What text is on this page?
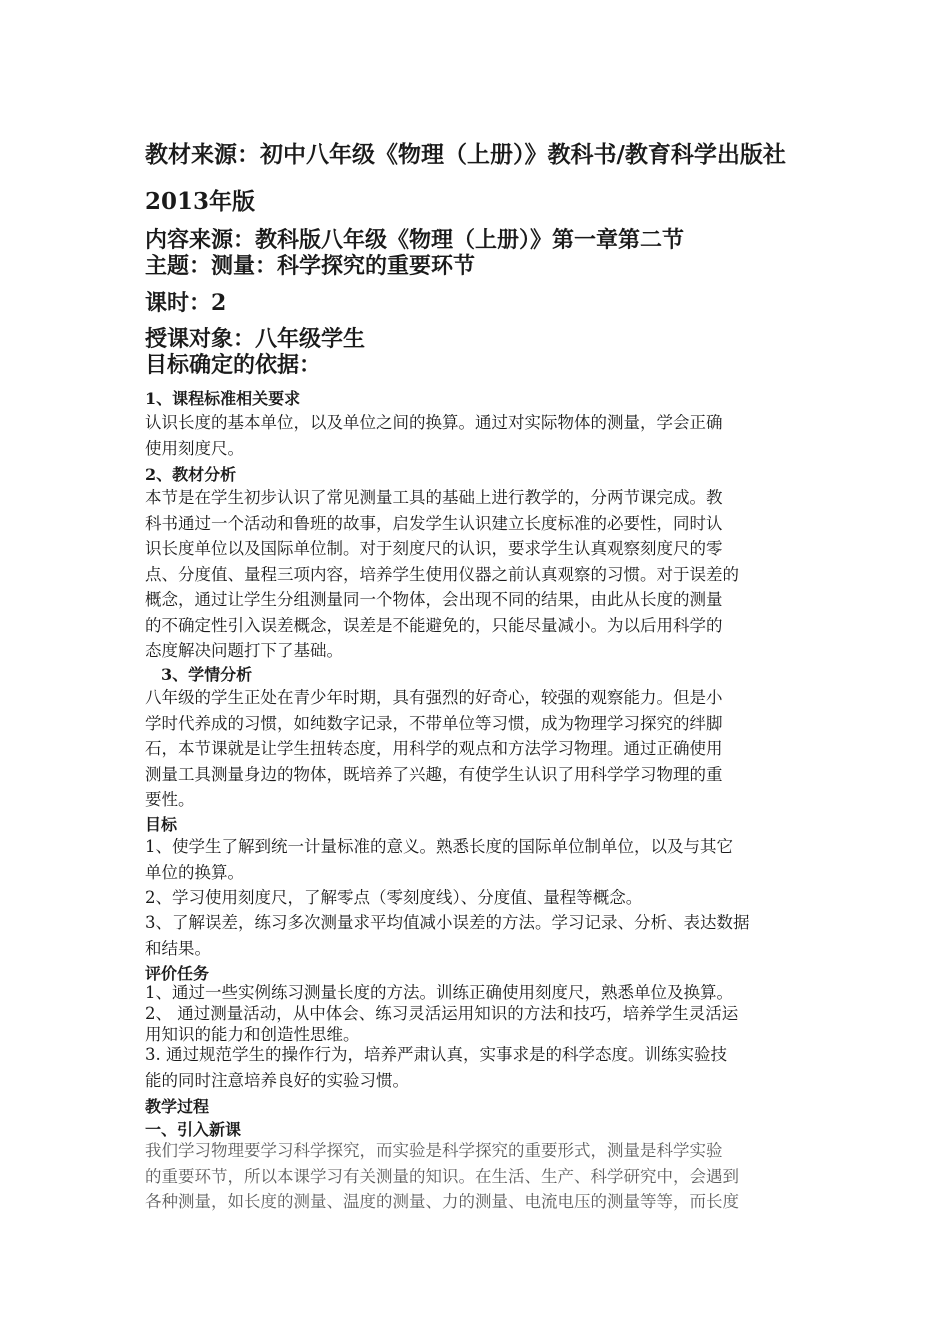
教材来源：初中八年级《物理（上册）》教科书/教育科学出版社
2013年版
内容来源：教科版八年级《物理（上册）》第一章第二节
主题：测量：科学探究的重要环节
课时：2
授课对象：八年级学生
目标确定的依据：
1、课程标准相关要求
认识长度的基本单位，以及单位之间的换算。通过对实际物体的测量，学会正确
使用刻度尺。
2、教材分析
本节是在学生初步认识了常见测量工具的基础上进行教学的，分两节课完成。教
科书通过一个活动和鲁班的故事，启发学生认识建立长度标准的必要性，同时认
识长度单位以及国际单位制。对于刻度尺的认识，要求学生认真观察刻度尺的零
点、分度值、量程三项内容，培养学生使用仪器之前认真观察的习惯。对于误差的
概念，通过让学生分组测量同一个物体，会出现不同的结果，由此从长度的测量
的不确定性引入误差概念，误差是不能避免的，只能尽量减小。为以后用科学的
态度解决问题打下了基础。
3、学情分析
八年级的学生正处在青少年时期，具有强烈的好奇心，较强的观察能力。但是小
学时代养成的习惯，如纯数字记录，不带单位等习惯，成为物理学习探究的绊脚
石，本节课就是让学生扭转态度，用科学的观点和方法学习物理。通过正确使用
测量工具测量身边的物体，既培养了兴趣，有使学生认识了用科学学习物理的重
要性。
目标
1、使学生了解到统一计量标准的意义。熟悉长度的国际单位制单位，以及与其它
单位的换算。
2、学习使用刻度尺，了解零点（零刻度线）、分度值、量程等概念。
3、了解误差，练习多次测量求平均值减小误差的方法。学习记录、分析、表达数据
和结果。
评价任务
1、通过一些实例练习测量长度的方法。训练正确使用刻度尺，熟悉单位及换算。
2、 通过测量活动，从中体会、练习灵活运用知识的方法和技巧，培养学生灵活运
用知识的能力和创造性思维。
3. 通过规范学生的操作行为，培养严肃认真，实事求是的科学态度。训练实验技
能的同时注意培养良好的实验习惯。
教学过程
一、引入新课
我们学习物理要学习科学探究，而实验是科学探究的重要形式，测量是科学实验
的重要环节，所以本课学习有关测量的知识。在生活、生产、科学研究中，会遇到
各种测量，如长度的测量、温度的测量、力的测量、电流电压的测量等等，而长度
